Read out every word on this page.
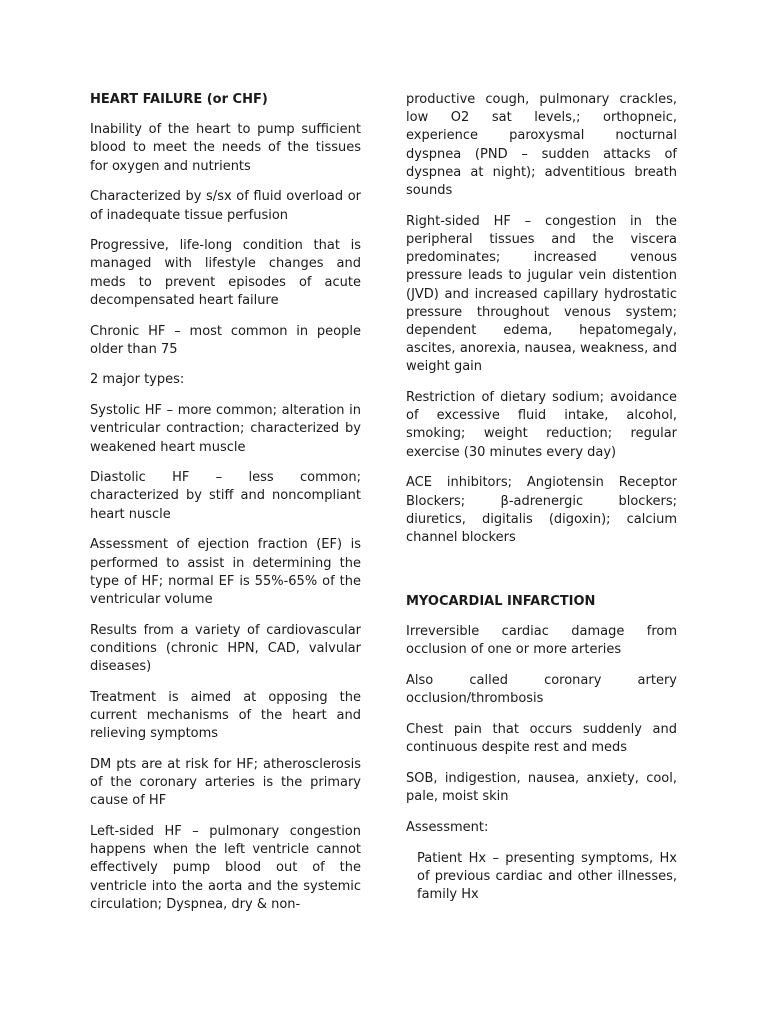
HEART FAILURE (or CHF)
Inability of the heart to pump sufficient blood to meet the needs of the tissues for oxygen and nutrients
Characterized by s/sx of fluid overload or of inadequate tissue perfusion
Progressive, life-long condition that is managed with lifestyle changes and meds to prevent episodes of acute decompensated heart failure
Chronic HF – most common in people older than 75
2 major types:
Systolic HF – more common; alteration in ventricular contraction; characterized by weakened heart muscle
Diastolic HF – less common; characterized by stiff and noncompliant heart nuscle
Assessment of ejection fraction (EF) is performed to assist in determining the type of HF; normal EF is 55%-65% of the ventricular volume
Results from a variety of cardiovascular conditions (chronic HPN, CAD, valvular diseases)
Treatment is aimed at opposing the current mechanisms of the heart and relieving symptoms
DM pts are at risk for HF; atherosclerosis of the coronary arteries is the primary cause of HF
Left-sided HF – pulmonary congestion happens when the left ventricle cannot effectively pump blood out of the ventricle into the aorta and the systemic circulation; Dyspnea, dry & non-
productive cough, pulmonary crackles, low O2 sat levels,; orthopneic, experience paroxysmal nocturnal dyspnea (PND – sudden attacks of dyspnea at night); adventitious breath sounds
Right-sided HF – congestion in the peripheral tissues and the viscera predominates; increased venous pressure leads to jugular vein distention (JVD) and increased capillary hydrostatic pressure throughout venous system; dependent edema, hepatomegaly, ascites, anorexia, nausea, weakness, and weight gain
Restriction of dietary sodium; avoidance of excessive fluid intake, alcohol, smoking; weight reduction; regular exercise (30 minutes every day)
ACE inhibitors; Angiotensin Receptor Blockers; β-adrenergic blockers; diuretics, digitalis (digoxin); calcium channel blockers
MYOCARDIAL INFARCTION
Irreversible cardiac damage from occlusion of one or more arteries
Also called coronary artery occlusion/thrombosis
Chest pain that occurs suddenly and continuous despite rest and meds
SOB, indigestion, nausea, anxiety, cool, pale, moist skin
Assessment:
Patient Hx – presenting symptoms, Hx of previous cardiac and other illnesses, family Hx
